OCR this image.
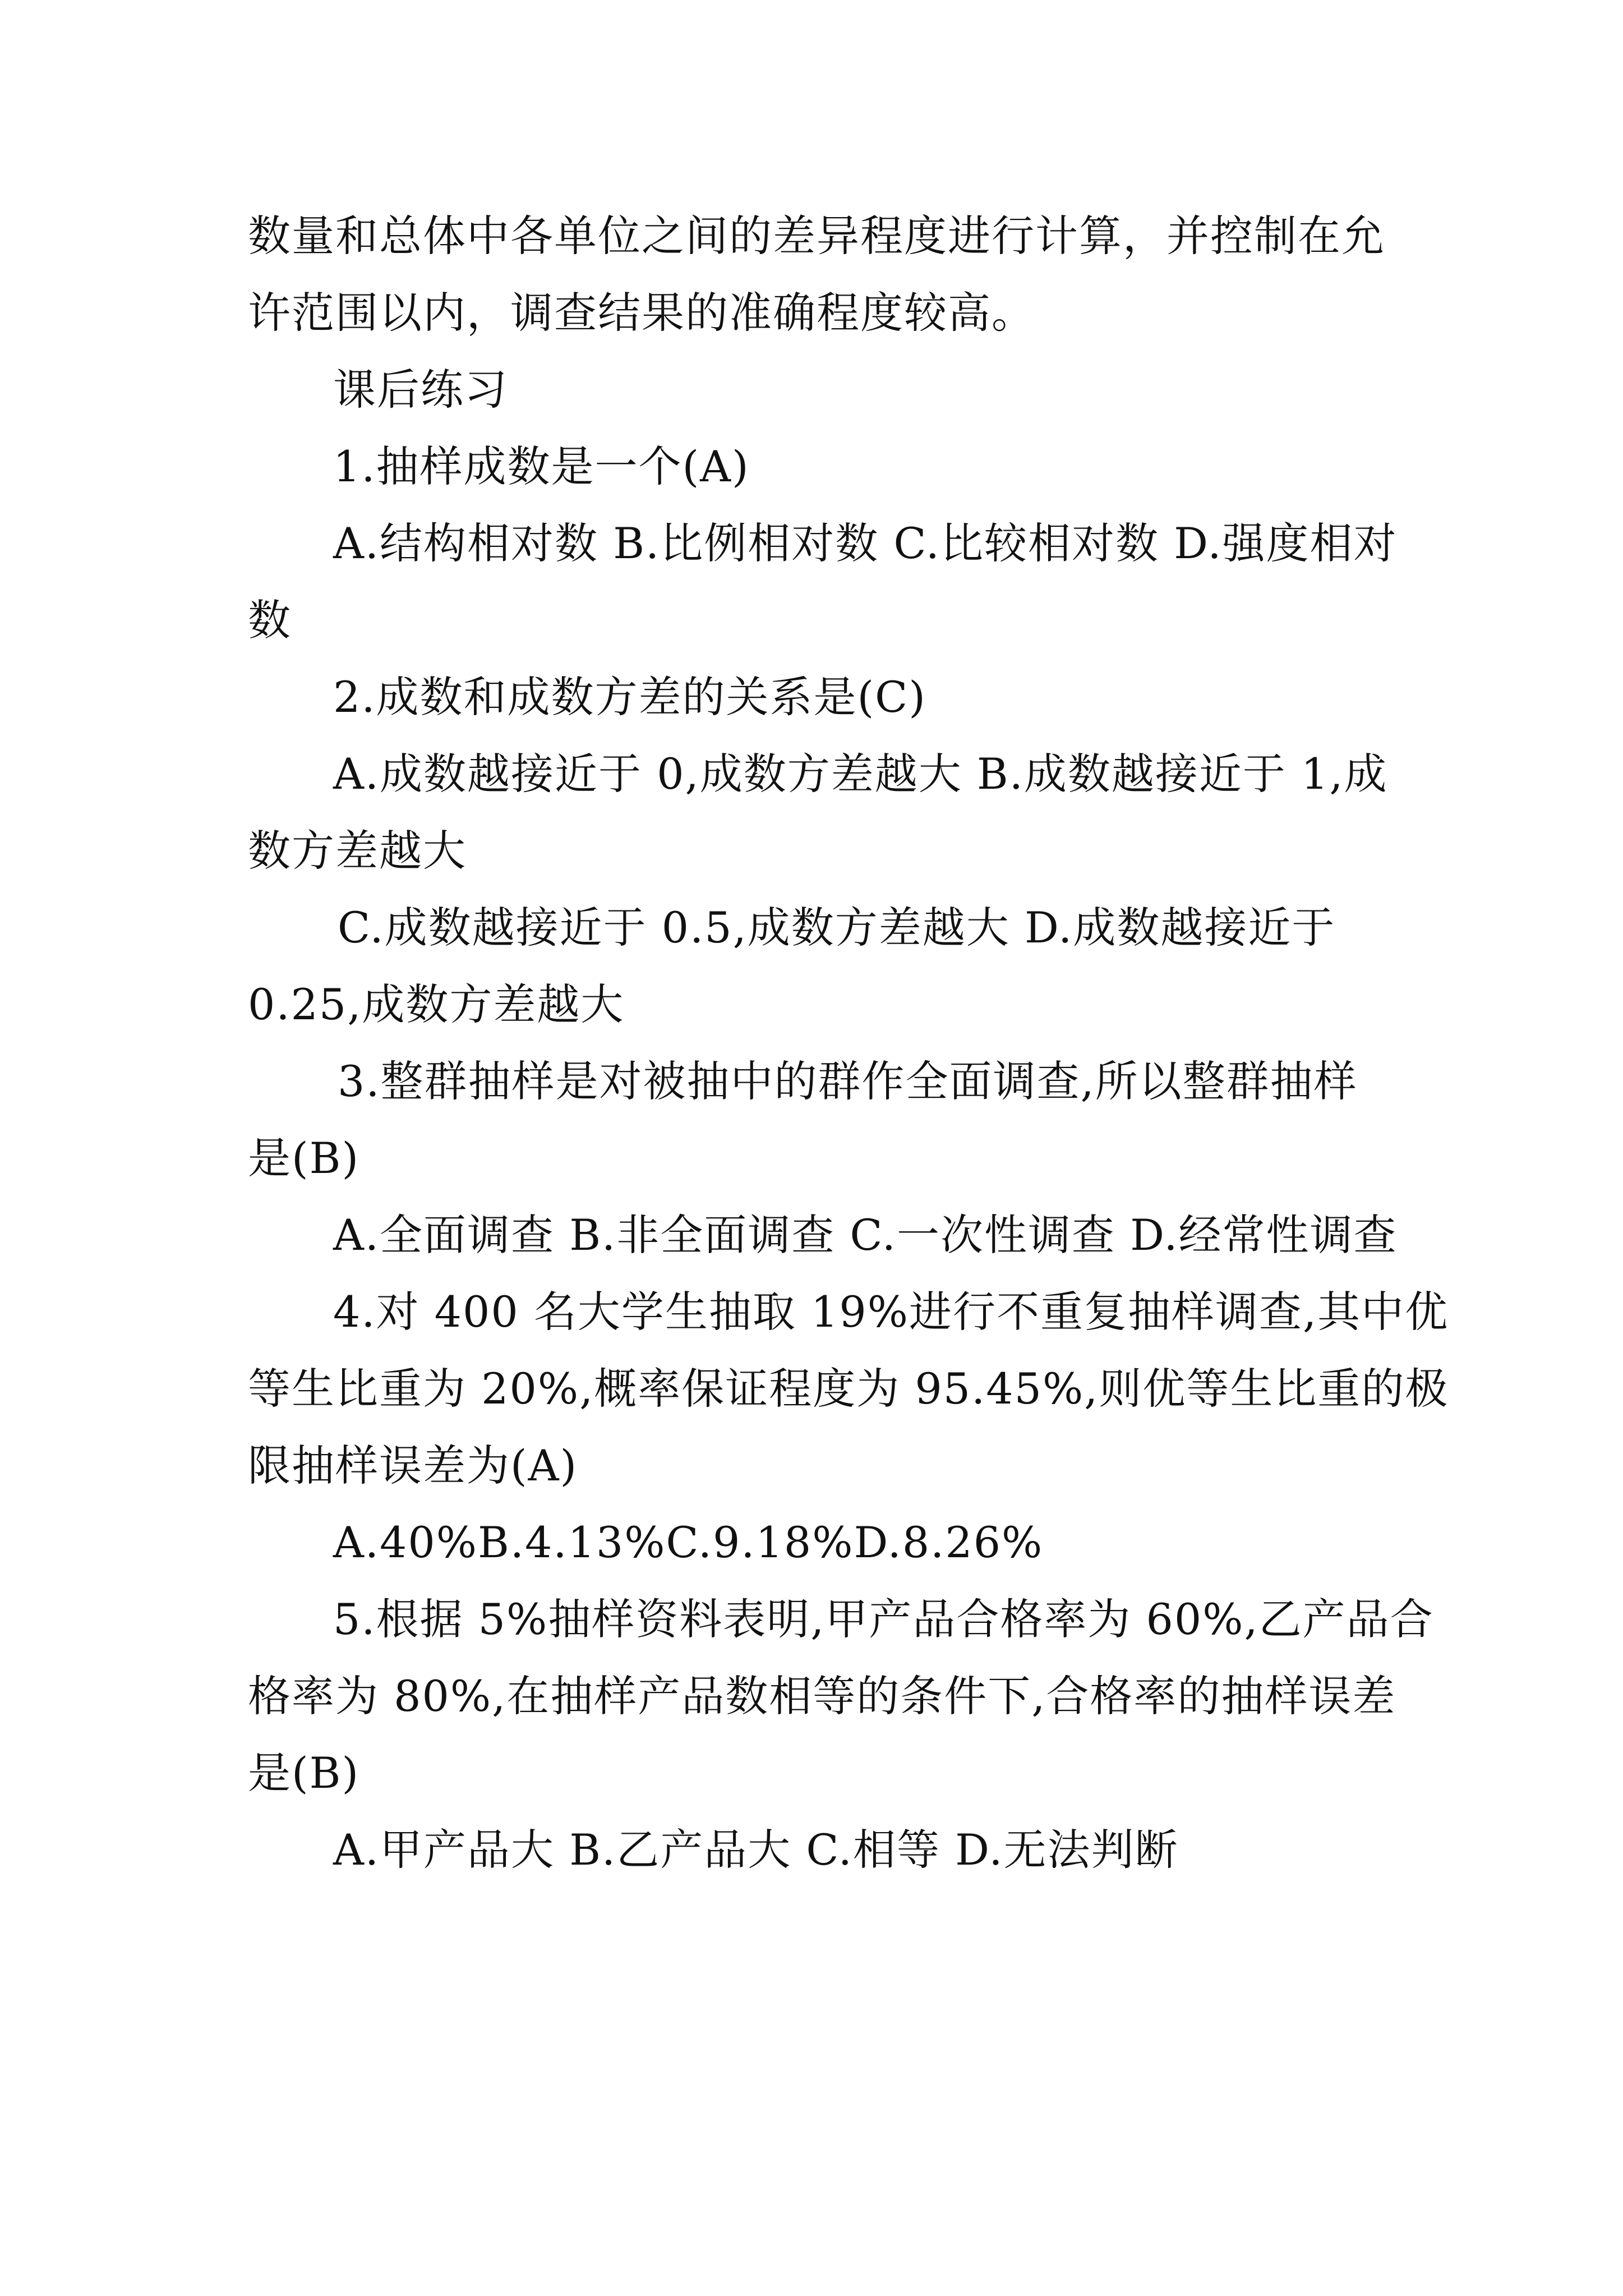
数量和总体中各单位之间的差异程度进行计算，并控制在允
许范围以内，调查结果的准确程度较高。
课后练习
1.抽样成数是一个(A)
A.结构相对数 B.比例相对数 C.比较相对数 D.强度相对
数
2.成数和成数方差的关系是(C)
A.成数越接近于 0,成数方差越大 B.成数越接近于 1,成
数方差越大
C.成数越接近于 0.5,成数方差越大 D.成数越接近于
0.25,成数方差越大
3.整群抽样是对被抽中的群作全面调查,所以整群抽样
是(B)
A.全面调查 B.非全面调查 C.一次性调查 D.经常性调查
4.对 400 名大学生抽取 19%进行不重复抽样调查,其中优
等生比重为 20%,概率保证程度为 95.45%,则优等生比重的极
限抽样误差为(A)
A.40%B.4.13%C.9.18%D.8.26%
5.根据 5%抽样资料表明,甲产品合格率为 60%,乙产品合
格率为 80%,在抽样产品数相等的条件下,合格率的抽样误差
是(B)
A.甲产品大 B.乙产品大 C.相等 D.无法判断
